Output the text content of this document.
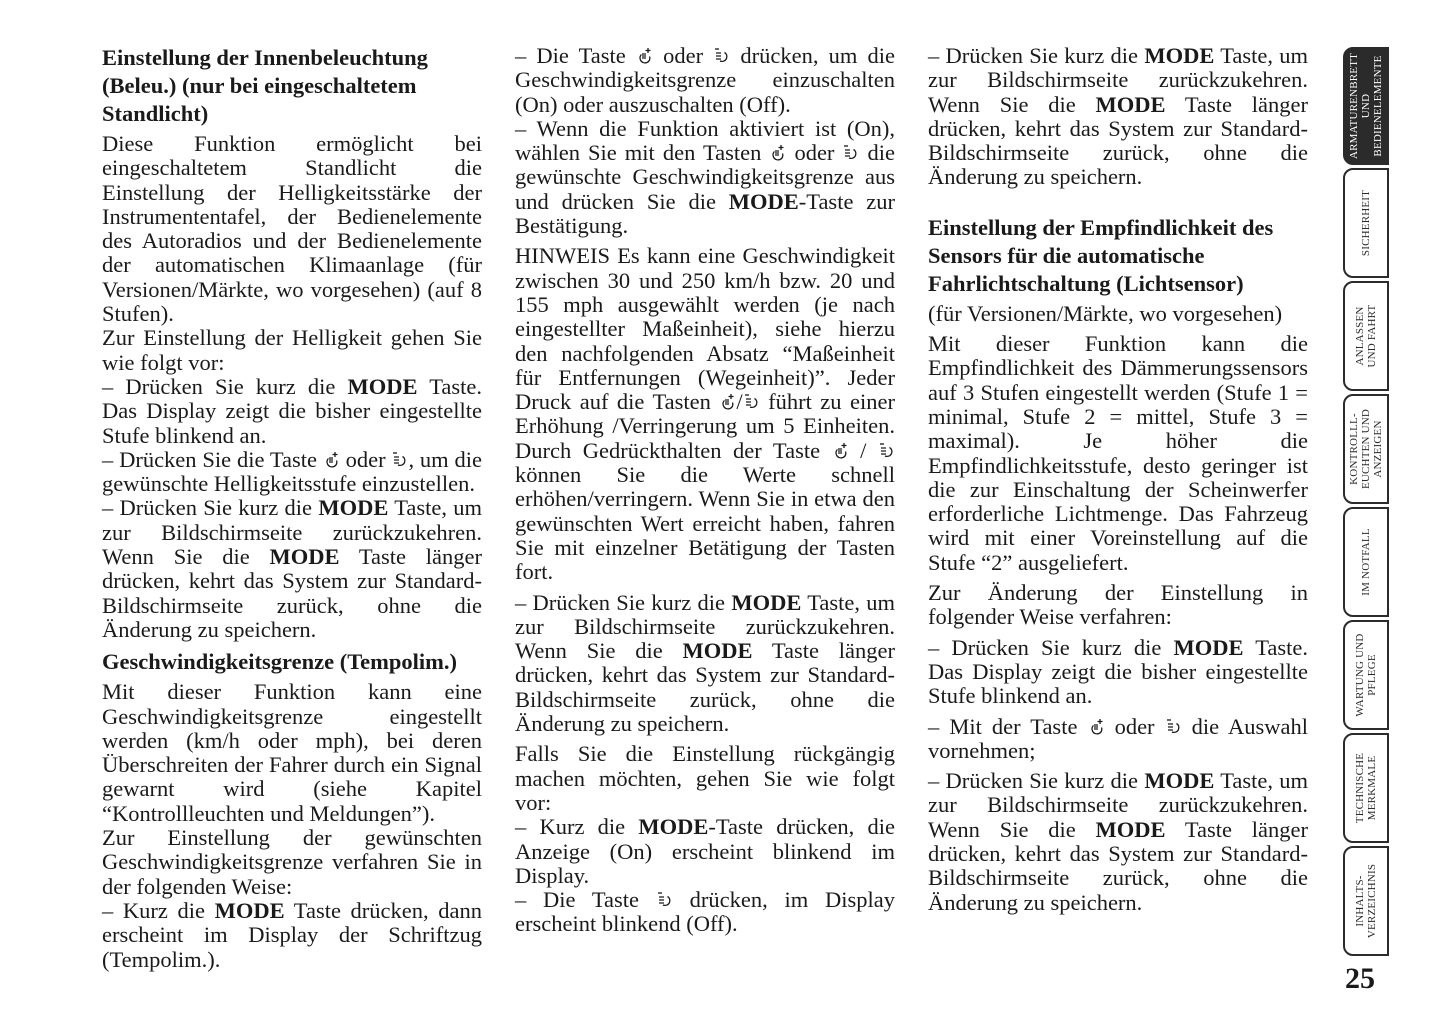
Einstellung der Innenbeleuchtung (Beleu.) (nur bei eingeschaltetem Standlicht)

Diese Funktion ermöglicht bei eingeschaltetem Standlicht die Einstellung der Helligkeitsstärke der Instrumententafel, der Bedienelemente des Autoradios und der Bedienelemente der automatischen Klimaanlage (für Versionen/Märkte, wo vorgesehen) (auf 8 Stufen).

Zur Einstellung der Helligkeit gehen Sie wie folgt vor:

– Drücken Sie kurz die MODE Taste. Das Display zeigt die bisher eingestellte Stufe blinkend an.

– Drücken Sie die Taste
oder
, um die gewünschte Helligkeitsstufe einzustellen.

– Drücken Sie kurz die MODE Taste, um zur Bildschirmseite zurückzukehren. Wenn Sie die MODE Taste länger drücken, kehrt das System zur Standard-Bildschirmseite zurück, ohne die Änderung zu speichern.

Geschwindigkeitsgrenze (Tempolim.)

Mit dieser Funktion kann eine Geschwindigkeitsgrenze eingestellt werden (km/h oder mph), bei deren Überschreiten der Fahrer durch ein Signal gewarnt wird (siehe Kapitel “Kontrollleuchten und Meldungen”).

Zur Einstellung der gewünschten Geschwindigkeitsgrenze verfahren Sie in der folgenden Weise:

– Kurz die MODE Taste drücken, dann erscheint im Display der Schriftzug (Tempolim.).

– Die Taste
oder
drücken, um die Geschwindigkeitsgrenze einzuschalten (On) oder auszuschalten (Off).

– Wenn die Funktion aktiviert ist (On), wählen Sie mit den Tasten
oder
die gewünschte Geschwindigkeitsgrenze aus und drücken Sie die MODE-Taste zur Bestätigung.

HINWEIS Es kann eine Geschwindigkeit zwischen 30 und 250 km/h bzw. 20 und 155 mph ausgewählt werden (je nach eingestellter Maßeinheit), siehe hierzu den nachfolgenden Absatz “Maßeinheit für Entfernungen (Wegeinheit)”. Jeder Druck auf die Tasten
/
führt zu einer Erhöhung /Verringerung um 5 Einheiten. Durch Gedrückthalten der Taste
/
können Sie die Werte schnell erhöhen/verringern. Wenn Sie in etwa den gewünschten Wert erreicht haben, fahren Sie mit einzelner Betätigung der Tasten fort.

– Drücken Sie kurz die MODE Taste, um zur Bildschirmseite zurückzukehren. Wenn Sie die MODE Taste länger drücken, kehrt das System zur Standard-Bildschirmseite zurück, ohne die Änderung zu speichern.

Falls Sie die Einstellung rückgängig machen möchten, gehen Sie wie folgt vor:

– Kurz die MODE-Taste drücken, die Anzeige (On) erscheint blinkend im Display.

– Die Taste
drücken, im Display erscheint blinkend (Off).

– Drücken Sie kurz die MODE Taste, um zur Bildschirmseite zurückzukehren. Wenn Sie die MODE Taste länger drücken, kehrt das System zur Standard-Bildschirmseite zurück, ohne die Änderung zu speichern.

Einstellung der Empfindlichkeit des Sensors für die automatische Fahrlichtschaltung (Lichtsensor)

(für Versionen/Märkte, wo vorgesehen)

Mit dieser Funktion kann die Empfindlichkeit des Dämmerungssensors auf 3 Stufen eingestellt werden (Stufe 1 = minimal, Stufe 2 = mittel, Stufe 3 = maximal). Je höher die Empfindlichkeitsstufe, desto geringer ist die zur Einschaltung der Scheinwerfer erforderliche Lichtmenge. Das Fahrzeug wird mit einer Voreinstellung auf die Stufe “2” ausgeliefert.

Zur Änderung der Einstellung in folgender Weise verfahren:

– Drücken Sie kurz die MODE Taste. Das Display zeigt die bisher eingestellte Stufe blinkend an.

– Mit der Taste
oder
die Auswahl vornehmen;

– Drücken Sie kurz die MODE Taste, um zur Bildschirmseite zurückzukehren. Wenn Sie die MODE Taste länger drücken, kehrt das System zur Standard-Bildschirmseite zurück, ohne die Änderung zu speichern.

ARMATURENBRETT
UND
BEDIENELEMENTE
SICHERHEIT
ANLASSEN
UND FAHRT
KONTROLLL-
EUCHTEN UND
ANZEIGEN
IM NOTFALL
WARTUNG UND
PFLEGE
TECHNISCHE
MERKMALE
INHALTS-
VERZEICHNIS
25
